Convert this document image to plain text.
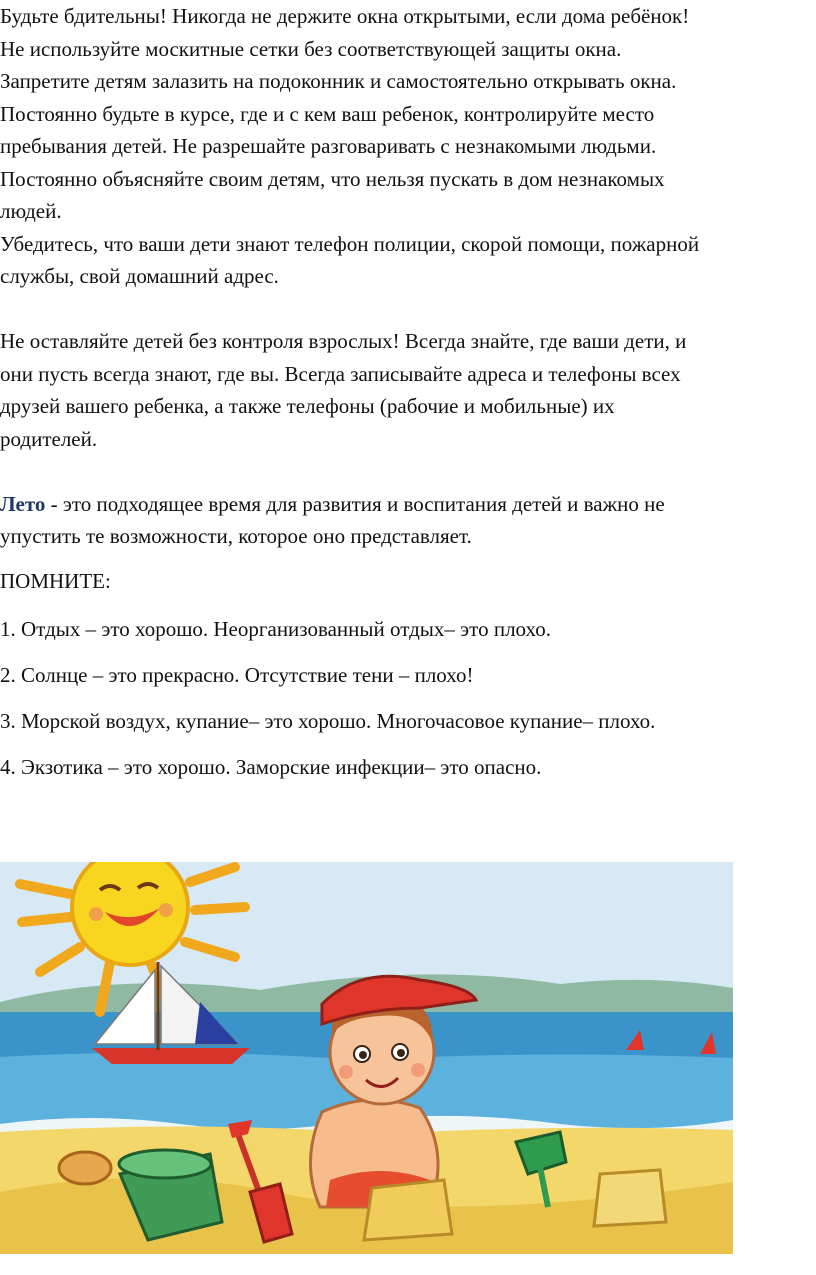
Будьте бдительны! Никогда не держите окна открытыми, если дома ребёнок!
Не используйте москитные сетки без соответствующей защиты окна.
Запретите детям залазить на подоконник и самостоятельно открывать окна.
Постоянно будьте в курсе, где и с кем ваш ребенок, контролируйте место
пребывания детей. Не разрешайте разговаривать с незнакомыми людьми.
Постоянно объясняйте своим детям, что нельзя пускать в дом незнакомых
людей.
Убедитесь, что ваши дети знают телефон полиции, скорой помощи, пожарной
службы, свой домашний адрес.
Не оставляйте детей без контроля взрослых! Всегда знайте, где ваши дети, и
они пусть всегда знают, где вы. Всегда записывайте адреса и телефоны всех
друзей вашего ребенка, а также телефоны (рабочие и мобильные) их
родителей.
Лето - это подходящее время для развития и воспитания детей и важно не
упустить те возможности, которое оно представляет.
ПОМНИТЕ:
1. Отдых – это хорошо. Неорганизованный отдых– это плохо.
2. Солнце – это прекрасно. Отсутствие тени – плохо!
3. Морской воздух, купание– это хорошо. Многочасовое купание– плохо.
4. Экзотика – это хорошо. Заморские инфекции– это опасно.
